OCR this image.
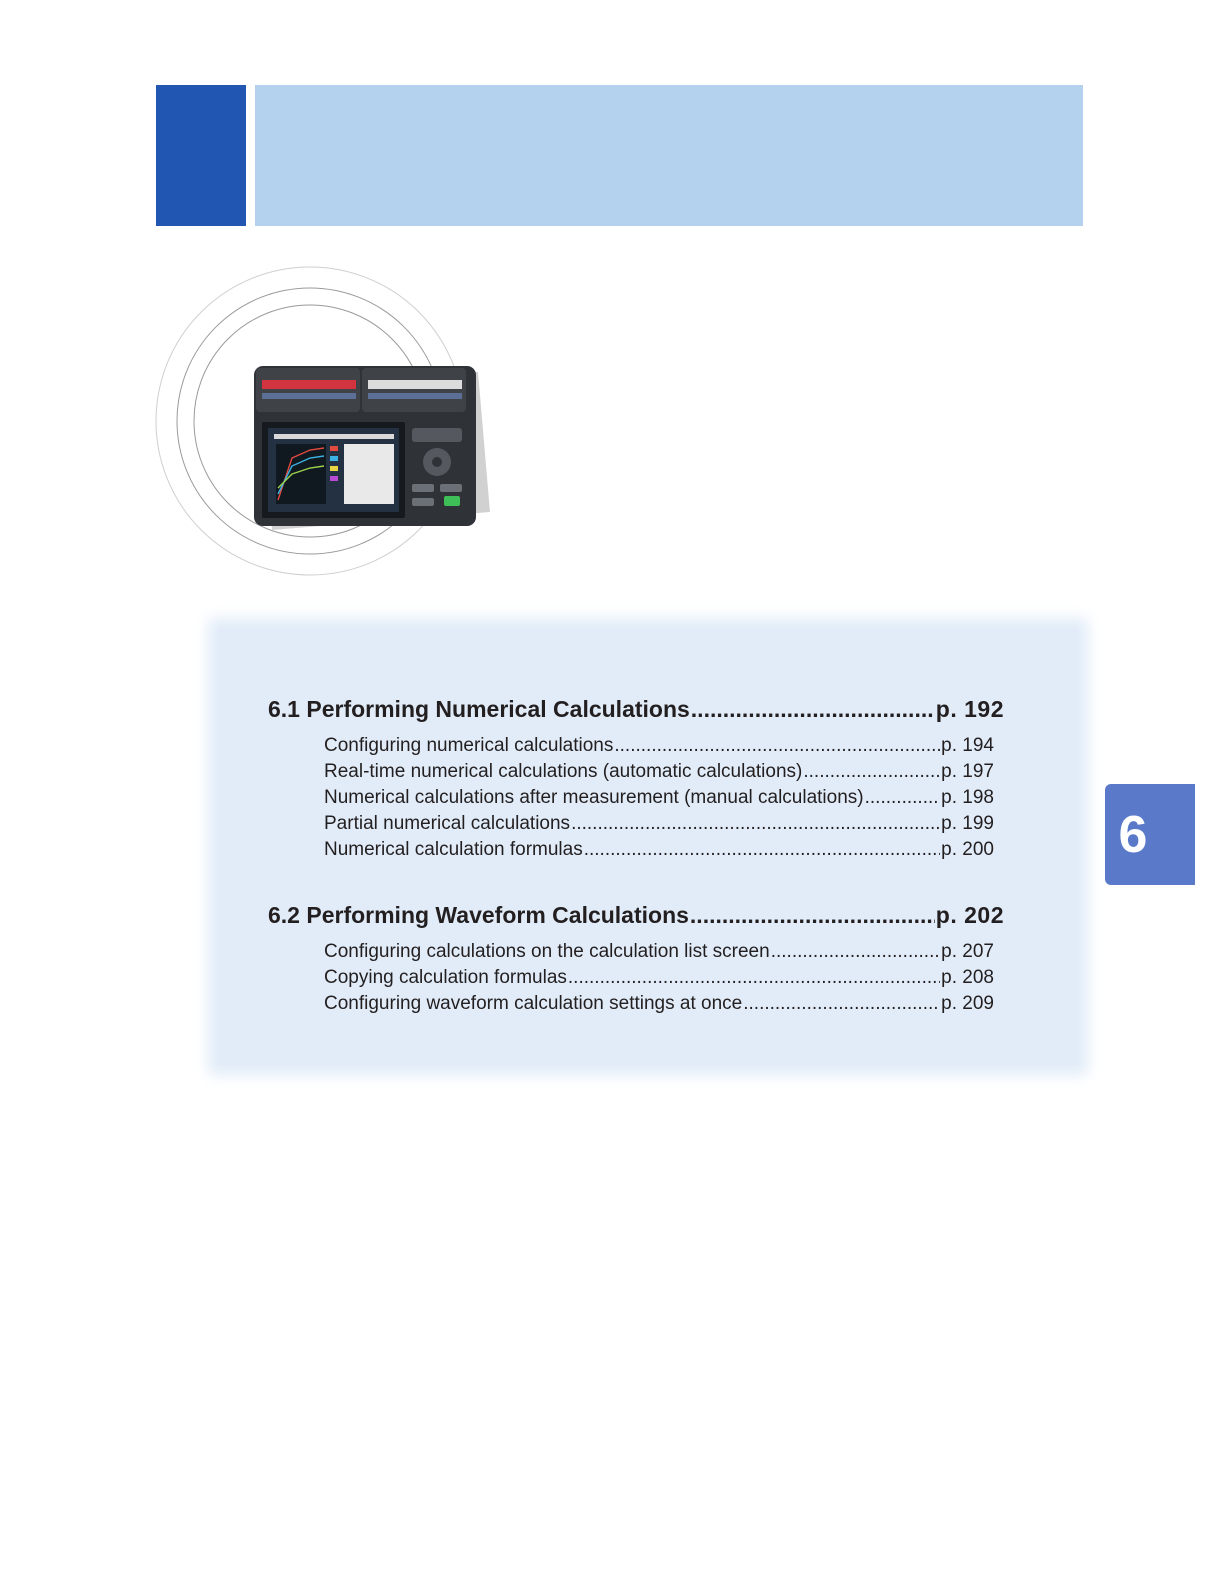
6.1 Performing Numerical Calculations .....	p. 192
Configuring numerical calculations .....	p. 194
Real-time numerical calculations (automatic calculations) .....	p. 197
Numerical calculations after measurement (manual calculations) .....	p. 198
Partial numerical calculations .....	p. 199
Numerical calculation formulas .....	p. 200
6.2 Performing Waveform Calculations .....	p. 202
Configuring calculations on the calculation list screen .....	p. 207
Copying calculation formulas .....	p. 208
Configuring waveform calculation settings at once .....	p. 209
6
